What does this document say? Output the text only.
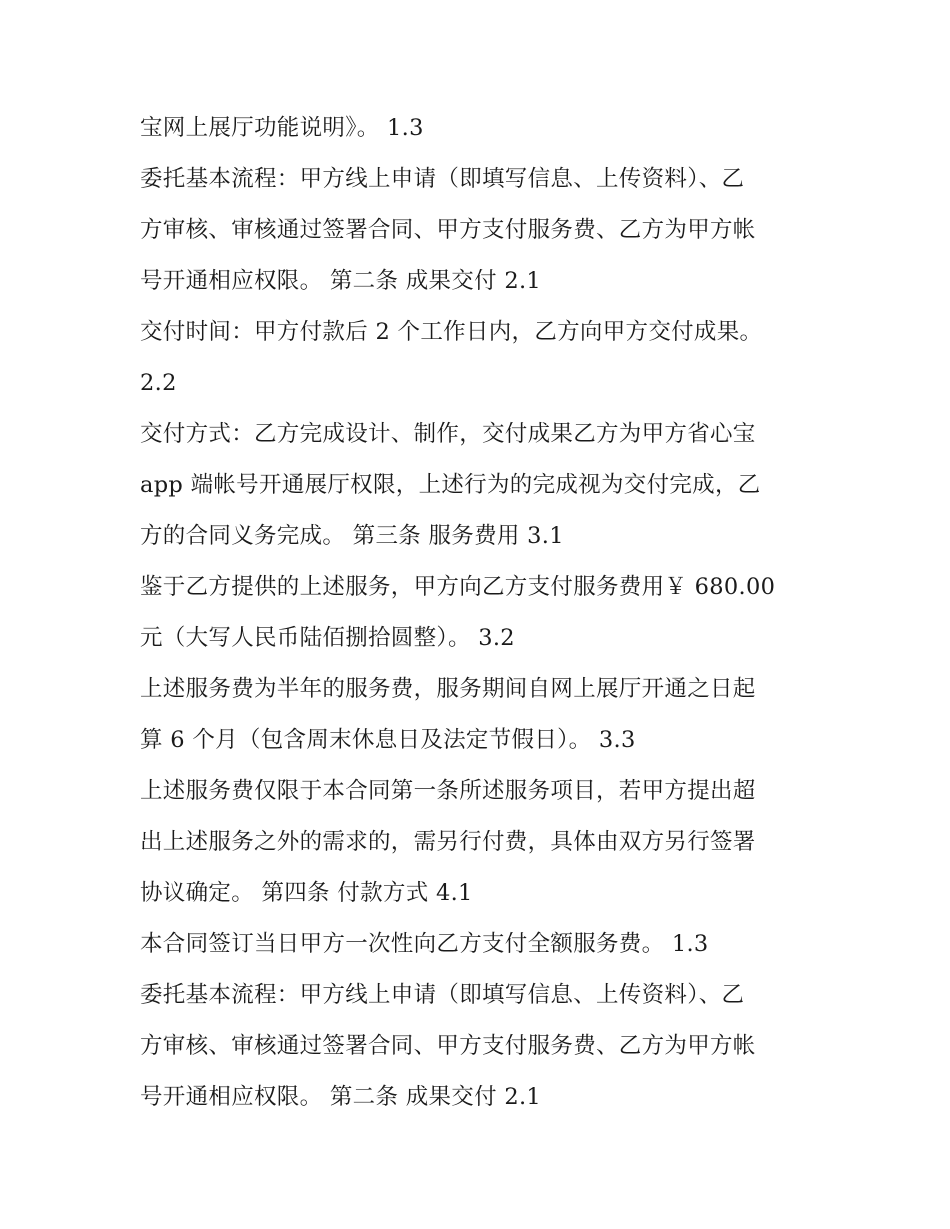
宝网上展厅功能说明》。 1.3
委托基本流程：甲方线上申请（即填写信息、上传资料）、乙
方审核、审核通过签署合同、甲方支付服务费、乙方为甲方帐
号开通相应权限。 第二条 成果交付 2.1
交付时间：甲方付款后 2 个工作日内，乙方向甲方交付成果。
2.2
交付方式：乙方完成设计、制作，交付成果乙方为甲方省心宝
app 端帐号开通展厅权限，上述行为的完成视为交付完成，乙
方的合同义务完成。 第三条 服务费用 3.1
鉴于乙方提供的上述服务，甲方向乙方支付服务费用￥ 680.00
元（大写人民币陆佰捌拾圆整）。 3.2
上述服务费为半年的服务费，服务期间自网上展厅开通之日起
算 6 个月（包含周末休息日及法定节假日）。 3.3
上述服务费仅限于本合同第一条所述服务项目，若甲方提出超
出上述服务之外的需求的，需另行付费，具体由双方另行签署
协议确定。 第四条 付款方式 4.1
本合同签订当日甲方一次性向乙方支付全额服务费。 1.3
委托基本流程：甲方线上申请（即填写信息、上传资料）、乙
方审核、审核通过签署合同、甲方支付服务费、乙方为甲方帐
号开通相应权限。 第二条 成果交付 2.1
